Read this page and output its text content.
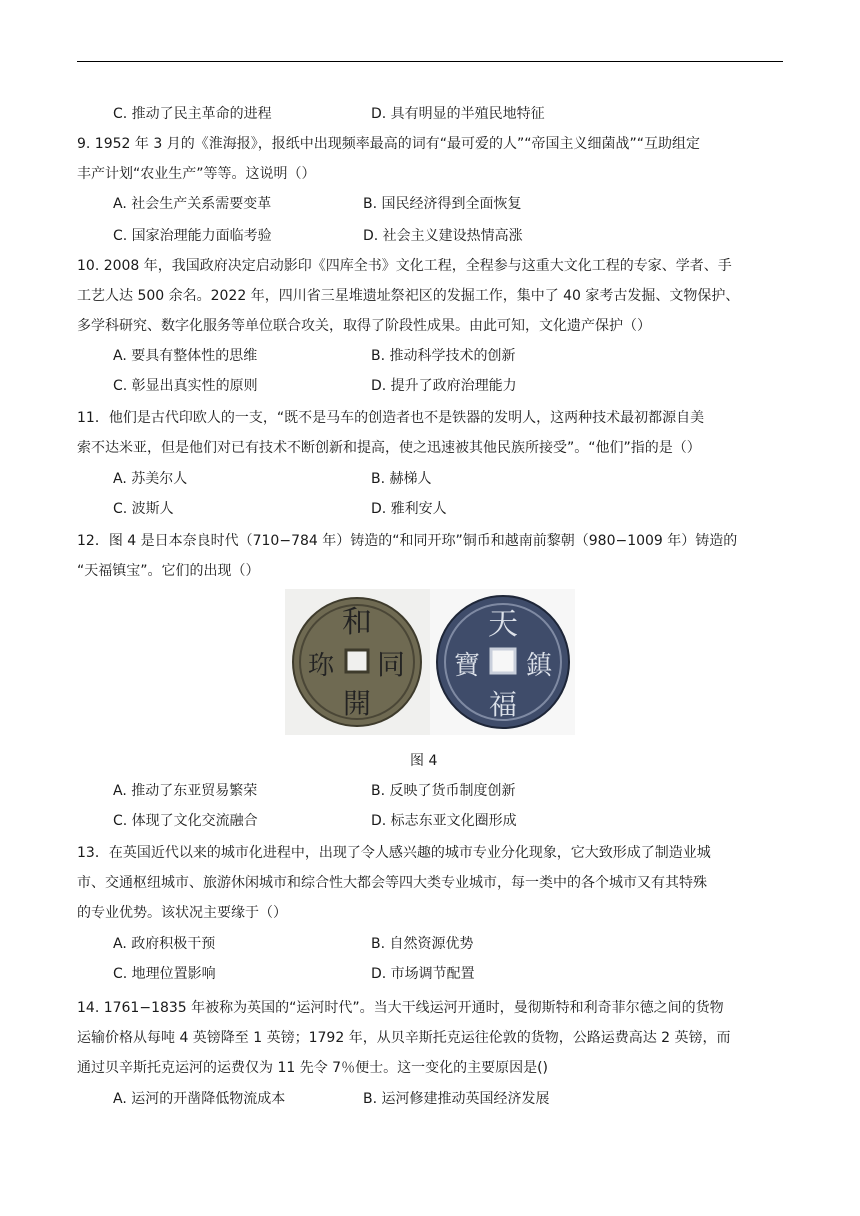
C. 推动了民主革命的进程	D. 具有明显的半殖民地特征
9. 1952 年 3 月的《淮海报》，报纸中出现频率最高的词有“最可爱的人”“帝国主义细菌战”“互助组定
丰产计划“农业生产”等等。这说明（）
A. 社会生产关系需要变革	B. 国民经济得到全面恢复
C. 国家治理能力面临考验	D. 社会主义建设热情高涨
10. 2008 年，我国政府决定启动影印《四库全书》文化工程，全程参与这重大文化工程的专家、学者、手
工艺人达 500 余名。2022 年，四川省三星堆遗址祭祀区的发掘工作，集中了 40 家考古发掘、文物保护、
多学科研究、数字化服务等单位联合攻关，取得了阶段性成果。由此可知，文化遗产保护（）
A. 要具有整体性的思维	B. 推动科学技术的创新
C. 彰显出真实性的原则	D. 提升了政府治理能力
11．他们是古代印欧人的一支，“既不是马车的创造者也不是铁器的发明人，这两种技术最初都源自美
索不达米亚，但是他们对已有技术不断创新和提高，使之迅速被其他民族所接受”。“他们”指的是（）
A. 苏美尔人	B. 赫梯人
C. 波斯人	D. 雅利安人
12．图 4 是日本奈良时代（710−784 年）铸造的“和同开珎”铜币和越南前黎朝（980−1009 年）铸造的
“天福镇宝”。它们的出现（）
和
同
開
珎
天
鎮
福
寶
图 4
A. 推动了东亚贸易繁荣	B. 反映了货币制度创新
C. 体现了文化交流融合	D. 标志东亚文化圈形成
13．在英国近代以来的城市化进程中，出现了令人感兴趣的城市专业分化现象，它大致形成了制造业城
市、交通枢纽城市、旅游休闲城市和综合性大都会等四大类专业城市，每一类中的各个城市又有其特殊
的专业优势。该状况主要缘于（）
A. 政府积极干预	B. 自然资源优势
C. 地理位置影响	D. 市场调节配置
14. 1761−1835 年被称为英国的“运河时代”。当大干线运河开通时，曼彻斯特和利奇菲尔德之间的货物
运输价格从每吨 4 英镑降至 1 英镑；1792 年，从贝辛斯托克运往伦敦的货物，公路运费高达 2 英镑，而
通过贝辛斯托克运河的运费仅为 11 先令 7％便士。这一变化的主要原因是()
A. 运河的开凿降低物流成本	B. 运河修建推动英国经济发展
